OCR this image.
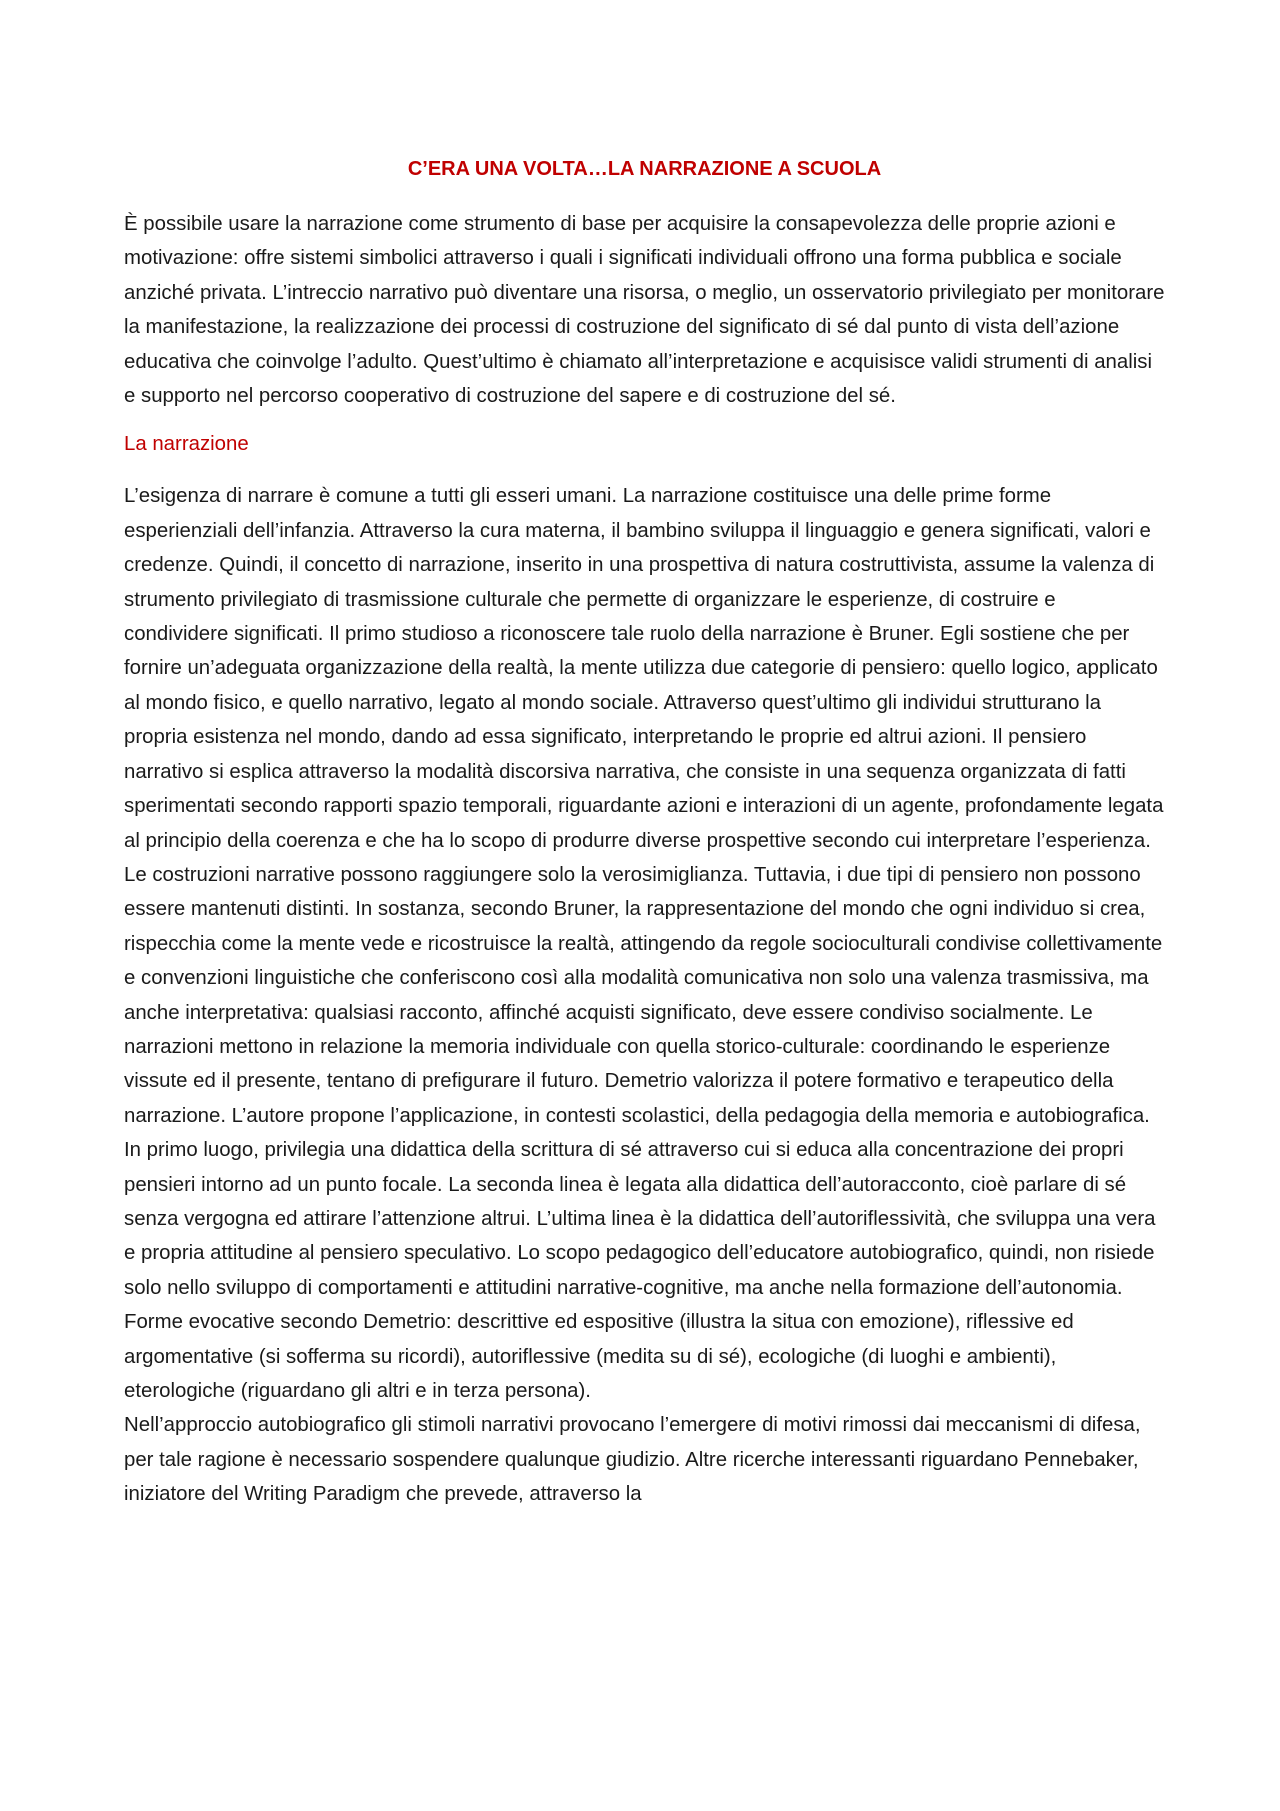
C’ERA UNA VOLTA…LA NARRAZIONE A SCUOLA

È possibile usare la narrazione come strumento di base per acquisire la consapevolezza delle proprie azioni e motivazione: offre sistemi simbolici attraverso i quali i significati individuali offrono una forma pubblica e sociale anziché privata. L’intreccio narrativo può diventare una risorsa, o meglio, un osservatorio privilegiato per monitorare la manifestazione, la realizzazione dei processi di costruzione del significato di sé dal punto di vista dell’azione educativa che coinvolge l’adulto. Quest’ultimo è chiamato all’interpretazione e acquisisce validi strumenti di analisi e supporto nel percorso cooperativo di costruzione del sapere e di costruzione del sé.

La narrazione

L’esigenza di narrare è comune a tutti gli esseri umani. La narrazione costituisce una delle prime forme esperienziali dell’infanzia. Attraverso la cura materna, il bambino sviluppa il linguaggio e genera significati, valori e credenze. Quindi, il concetto di narrazione, inserito in una prospettiva di natura costruttivista, assume la valenza di strumento privilegiato di trasmissione culturale che permette di organizzare le esperienze, di costruire e condividere significati. Il primo studioso a riconoscere tale ruolo della narrazione è Bruner. Egli sostiene che per fornire un’adeguata organizzazione della realtà, la mente utilizza due categorie di pensiero: quello logico, applicato al mondo fisico, e quello narrativo, legato al mondo sociale. Attraverso quest’ultimo gli individui strutturano la propria esistenza nel mondo, dando ad essa significato, interpretando le proprie ed altrui azioni. Il pensiero narrativo si esplica attraverso la modalità discorsiva narrativa, che consiste in una sequenza organizzata di fatti sperimentati secondo rapporti spazio temporali, riguardante azioni e interazioni di un agente, profondamente legata al principio della coerenza e che ha lo scopo di produrre diverse prospettive secondo cui interpretare l’esperienza. Le costruzioni narrative possono raggiungere solo la verosimiglianza. Tuttavia, i due tipi di pensiero non possono essere mantenuti distinti. In sostanza, secondo Bruner, la rappresentazione del mondo che ogni individuo si crea, rispecchia come la mente vede e ricostruisce la realtà, attingendo da regole socioculturali condivise collettivamente e convenzioni linguistiche che conferiscono così alla modalità comunicativa non solo una valenza trasmissiva, ma anche interpretativa: qualsiasi racconto, affinché acquisti significato, deve essere condiviso socialmente. Le narrazioni mettono in relazione la memoria individuale con quella storico-culturale: coordinando le esperienze vissute ed il presente, tentano di prefigurare il futuro. Demetrio valorizza il potere formativo e terapeutico della narrazione. L’autore propone l’applicazione, in contesti scolastici, della pedagogia della memoria e autobiografica. In primo luogo, privilegia una didattica della scrittura di sé attraverso cui si educa alla concentrazione dei propri pensieri intorno ad un punto focale. La seconda linea è legata alla didattica dell’autoracconto, cioè parlare di sé senza vergogna ed attirare l’attenzione altrui. L’ultima linea è la didattica dell’autoriflessività, che sviluppa una vera e propria attitudine al pensiero speculativo. Lo scopo pedagogico dell’educatore autobiografico, quindi, non risiede solo nello sviluppo di comportamenti e attitudini narrative-cognitive, ma anche nella formazione dell’autonomia. Forme evocative secondo Demetrio: descrittive ed espositive (illustra la situa con emozione), riflessive ed argomentative (si sofferma su ricordi), autoriflessive (medita su di sé), ecologiche (di luoghi e ambienti), eterologiche (riguardano gli altri e in terza persona).

Nell’approccio autobiografico gli stimoli narrativi provocano l’emergere di motivi rimossi dai meccanismi di difesa, per tale ragione è necessario sospendere qualunque giudizio. Altre ricerche interessanti riguardano Pennebaker, iniziatore del Writing Paradigm che prevede, attraverso la
